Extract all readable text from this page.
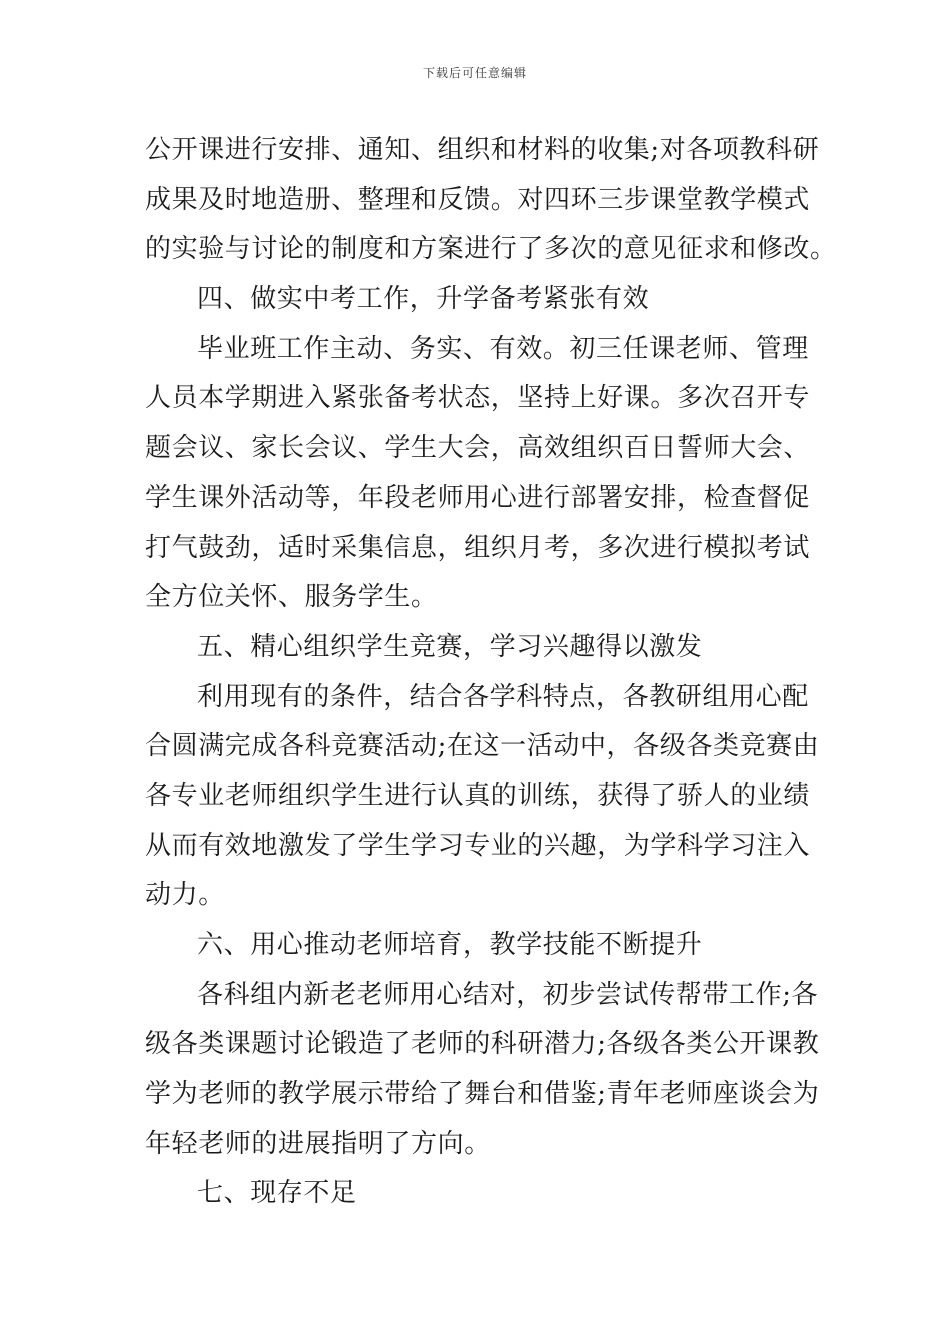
下载后可任意编辑
公开课进行安排、通知、组织和材料的收集;对各项教科研
成果及时地造册、整理和反馈。对四环三步课堂教学模式
的实验与讨论的制度和方案进行了多次的意见征求和修改。
四、做实中考工作，升学备考紧张有效
毕业班工作主动、务实、有效。初三任课老师、管理
人员本学期进入紧张备考状态，坚持上好课。多次召开专
题会议、家长会议、学生大会，高效组织百日誓师大会、
学生课外活动等，年段老师用心进行部署安排，检查督促
打气鼓劲，适时采集信息，组织月考，多次进行模拟考试
全方位关怀、服务学生。
五、精心组织学生竞赛，学习兴趣得以激发
利用现有的条件，结合各学科特点，各教研组用心配
合圆满完成各科竞赛活动;在这一活动中，各级各类竞赛由
各专业老师组织学生进行认真的训练，获得了骄人的业绩
从而有效地激发了学生学习专业的兴趣，为学科学习注入
动力。
六、用心推动老师培育，教学技能不断提升
各科组内新老老师用心结对，初步尝试传帮带工作;各
级各类课题讨论锻造了老师的科研潜力;各级各类公开课教
学为老师的教学展示带给了舞台和借鉴;青年老师座谈会为
年轻老师的进展指明了方向。
七、现存不足
